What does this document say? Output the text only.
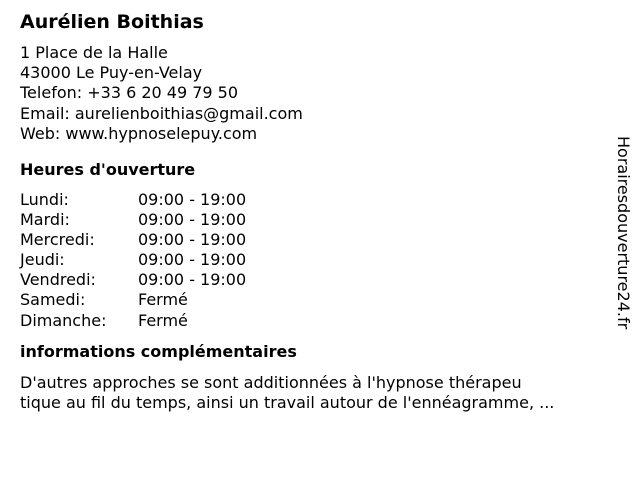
Aurélien Boithias
1 Place de la Halle
43000 Le Puy-en-Velay
Telefon: +33 6 20 49 79 50
Email: aurelienboithias@gmail.com
Web: www.hypnoselepuy.com
Heures d'ouverture
Lundi:	09:00 - 19:00
Mardi:	09:00 - 19:00
Mercredi:	09:00 - 19:00
Jeudi:	09:00 - 19:00
Vendredi:	09:00 - 19:00
Samedi:	Fermé
Dimanche:	Fermé
informations complémentaires
D'autres approches se sont additionnées à l'hypnose thérapeu
tique au fil du temps, ainsi un travail autour de l'ennéagramme, ...
Horairesdouverture24.fr
